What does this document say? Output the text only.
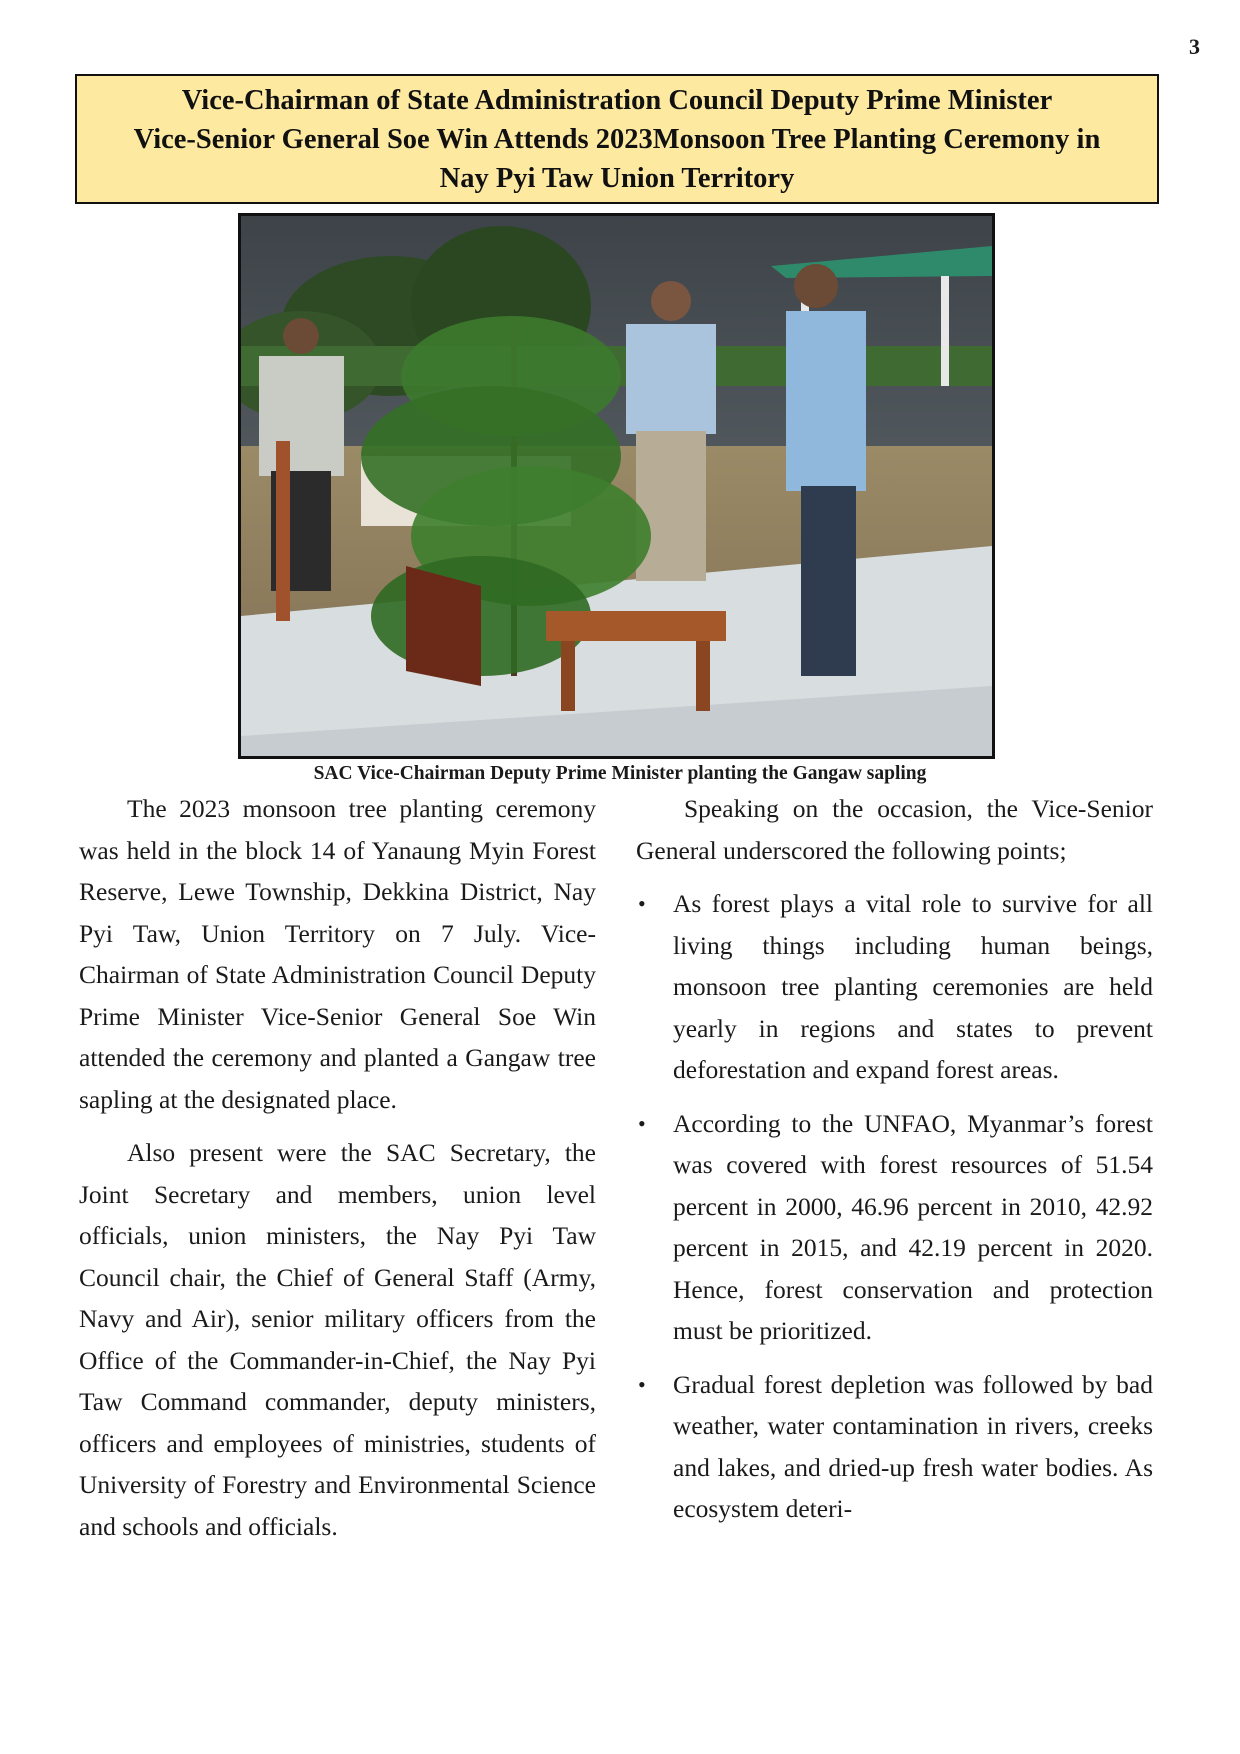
3
Vice-Chairman of State Administration Council Deputy Prime Minister
Vice-Senior General Soe Win Attends 2023Monsoon Tree Planting Ceremony in
Nay Pyi Taw Union Territory
SAC Vice-Chairman Deputy Prime Minister planting the Gangaw sapling

The 2023 monsoon tree planting ceremony was held in the block 14 of Yanaung Myin Forest Reserve, Lewe Township, Dekkina District, Nay Pyi Taw, Union Territory on 7 July. Vice-Chairman of State Administration Council Deputy Prime Minister Vice-Senior General Soe Win attended the ceremony and planted a Gangaw tree sapling at the designated place.

Also present were the SAC Secretary, the Joint Secretary and members, union level officials, union ministers, the Nay Pyi Taw Council chair, the Chief of General Staff (Army, Navy and Air), senior military officers from the Office of the Commander-in-Chief, the Nay Pyi Taw Command commander, deputy ministers, officers and employees of ministries, students of University of Forestry and Environmental Science and schools and officials.

Speaking on the occasion, the Vice-Senior General underscored the following points;

• As forest plays a vital role to survive for all living things including human beings, monsoon tree planting ceremonies are held yearly in regions and states to prevent deforestation and expand forest areas.
• According to the UNFAO, Myanmar’s forest was covered with forest resources of 51.54 percent in 2000, 46.96 percent in 2010, 42.92 percent in 2015, and 42.19 percent in 2020. Hence, forest conservation and protection must be prioritized.
• Gradual forest depletion was followed by bad weather, water contamination in rivers, creeks and lakes, and dried-up fresh water bodies. As ecosystem deteri-
